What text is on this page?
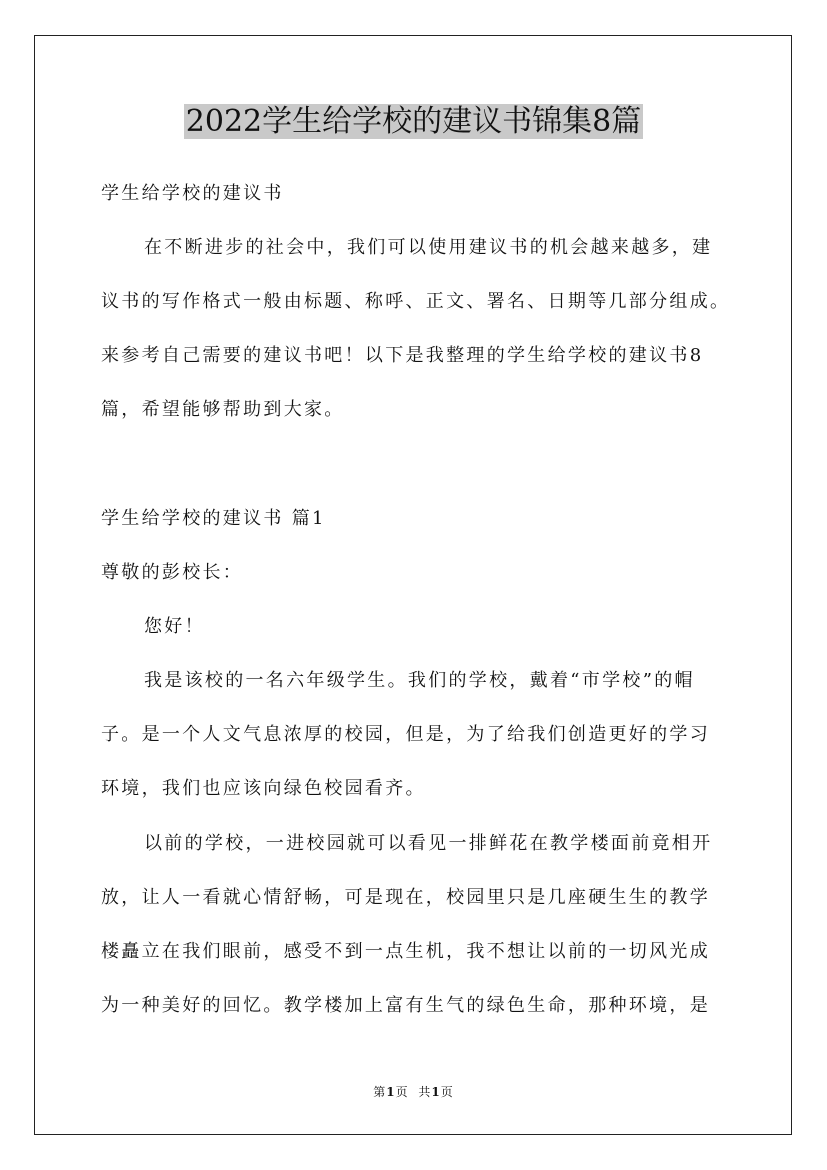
2022学生给学校的建议书锦集8篇

学生给学校的建议书

在不断进步的社会中，我们可以使用建议书的机会越来越多，建

议书的写作格式一般由标题、称呼、正文、署名、日期等几部分组成。

来参考自己需要的建议书吧！以下是我整理的学生给学校的建议书8

篇，希望能够帮助到大家。

学生给学校的建议书 篇1

尊敬的彭校长：

您好！

我是该校的一名六年级学生。我们的学校，戴着“市学校”的帽

子。是一个人文气息浓厚的校园，但是，为了给我们创造更好的学习

环境，我们也应该向绿色校园看齐。

以前的学校，一进校园就可以看见一排鲜花在教学楼面前竟相开

放，让人一看就心情舒畅，可是现在，校园里只是几座硬生生的教学

楼矗立在我们眼前，感受不到一点生机，我不想让以前的一切风光成

为一种美好的回忆。教学楼加上富有生气的绿色生命，那种环境，是

第1页 共1页
